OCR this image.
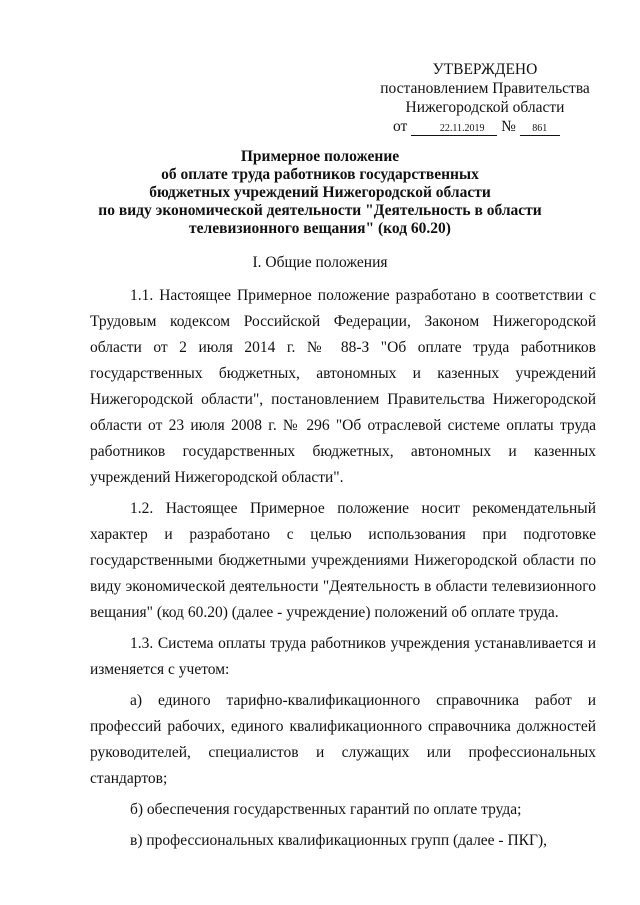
УТВЕРЖДЕНО
постановлением Правительства
Нижегородской области
от	22.11.2019 № 861
Примерное положение
об оплате труда работников государственных
бюджетных учреждений Нижегородской области
по виду экономической деятельности "Деятельность в области
телевизионного вещания" (код 60.20)
I. Общие положения

1.1. Настоящее Примерное положение разработано в соответствии с Трудовым кодексом Российской Федерации, Законом Нижегородской области от 2 июля 2014 г. № 88-З "Об оплате труда работников государственных бюджетных, автономных и казенных учреждений Нижегородской области", постановлением Правительства Нижегородской области от 23 июля 2008 г. № 296 "Об отраслевой системе оплаты труда работников государственных бюджетных, автономных и казенных учреждений Нижегородской области".

1.2. Настоящее Примерное положение носит рекомендательный характер и разработано с целью использования при подготовке государственными бюджетными учреждениями Нижегородской области по виду экономической деятельности "Деятельность в области телевизионного вещания" (код 60.20) (далее - учреждение) положений об оплате труда.

1.3. Система оплаты труда работников учреждения устанавливается и изменяется с учетом:

а) единого тарифно-квалификационного справочника работ и профессий рабочих, единого квалификационного справочника должностей руководителей, специалистов и служащих или профессиональных стандартов;

б) обеспечения государственных гарантий по оплате труда;

в) профессиональных квалификационных групп (далее - ПКГ),
